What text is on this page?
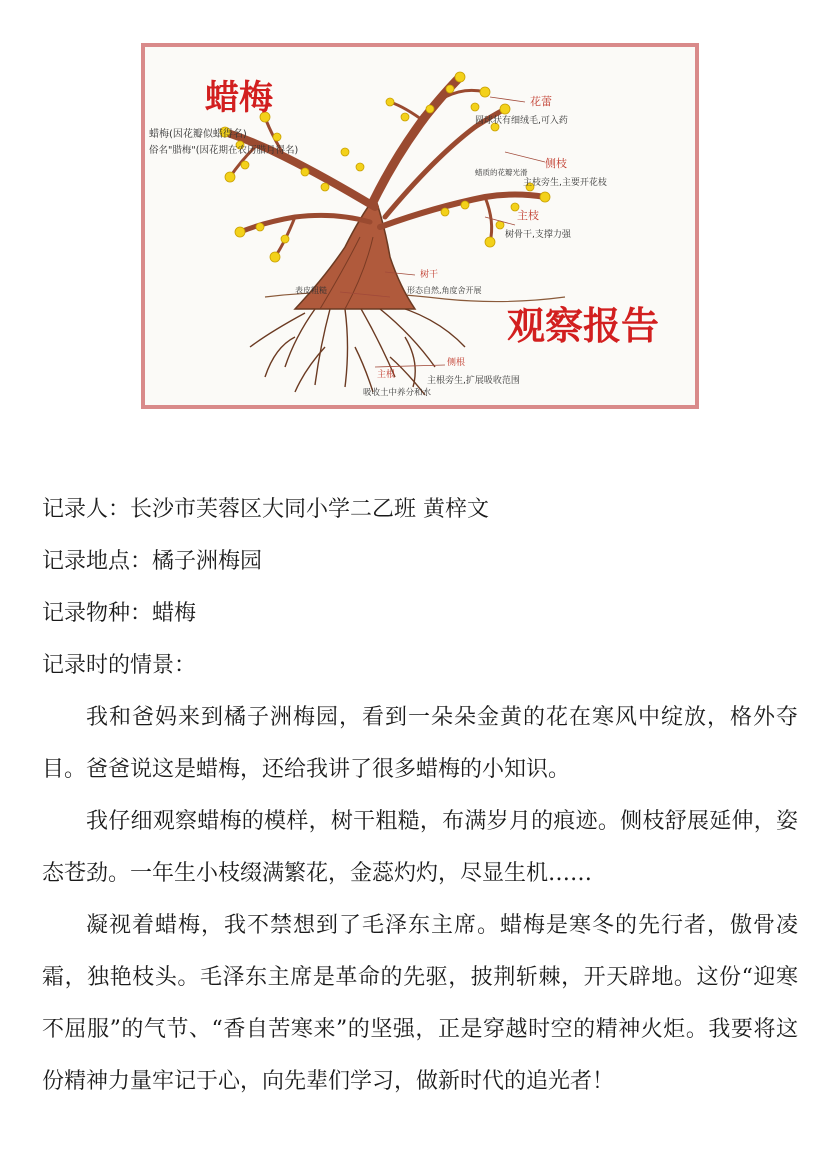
蜡梅
蜡梅(因花瓣似蜡得名)
俗名"腊梅"(因花期在农历腊月得名)
花蕾
圆球状有细绒毛,可入药
蜡质的花瓣光滑
侧枝
主枝旁生,主要开花枝
主枝
树骨干,支撑力强
树干
形态自然,角度舍开展
表皮粗糙
观察报告
侧根
主根旁生,扩展吸收范围
主根
吸收土中养分和水

记录人：长沙市芙蓉区大同小学二乙班 黄梓文

记录地点：橘子洲梅园

记录物种：蜡梅

记录时的情景：

我和爸妈来到橘子洲梅园，看到一朵朵金黄的花在寒风中绽放，格外夺目。爸爸说这是蜡梅，还给我讲了很多蜡梅的小知识。

我仔细观察蜡梅的模样，树干粗糙，布满岁月的痕迹。侧枝舒展延伸，姿态苍劲。一年生小枝缀满繁花，金蕊灼灼，尽显生机……

凝视着蜡梅，我不禁想到了毛泽东主席。蜡梅是寒冬的先行者，傲骨凌霜，独艳枝头。毛泽东主席是革命的先驱，披荆斩棘，开天辟地。这份“迎寒不屈服”的气节、“香自苦寒来”的坚强，正是穿越时空的精神火炬。我要将这份精神力量牢记于心，向先辈们学习，做新时代的追光者！
